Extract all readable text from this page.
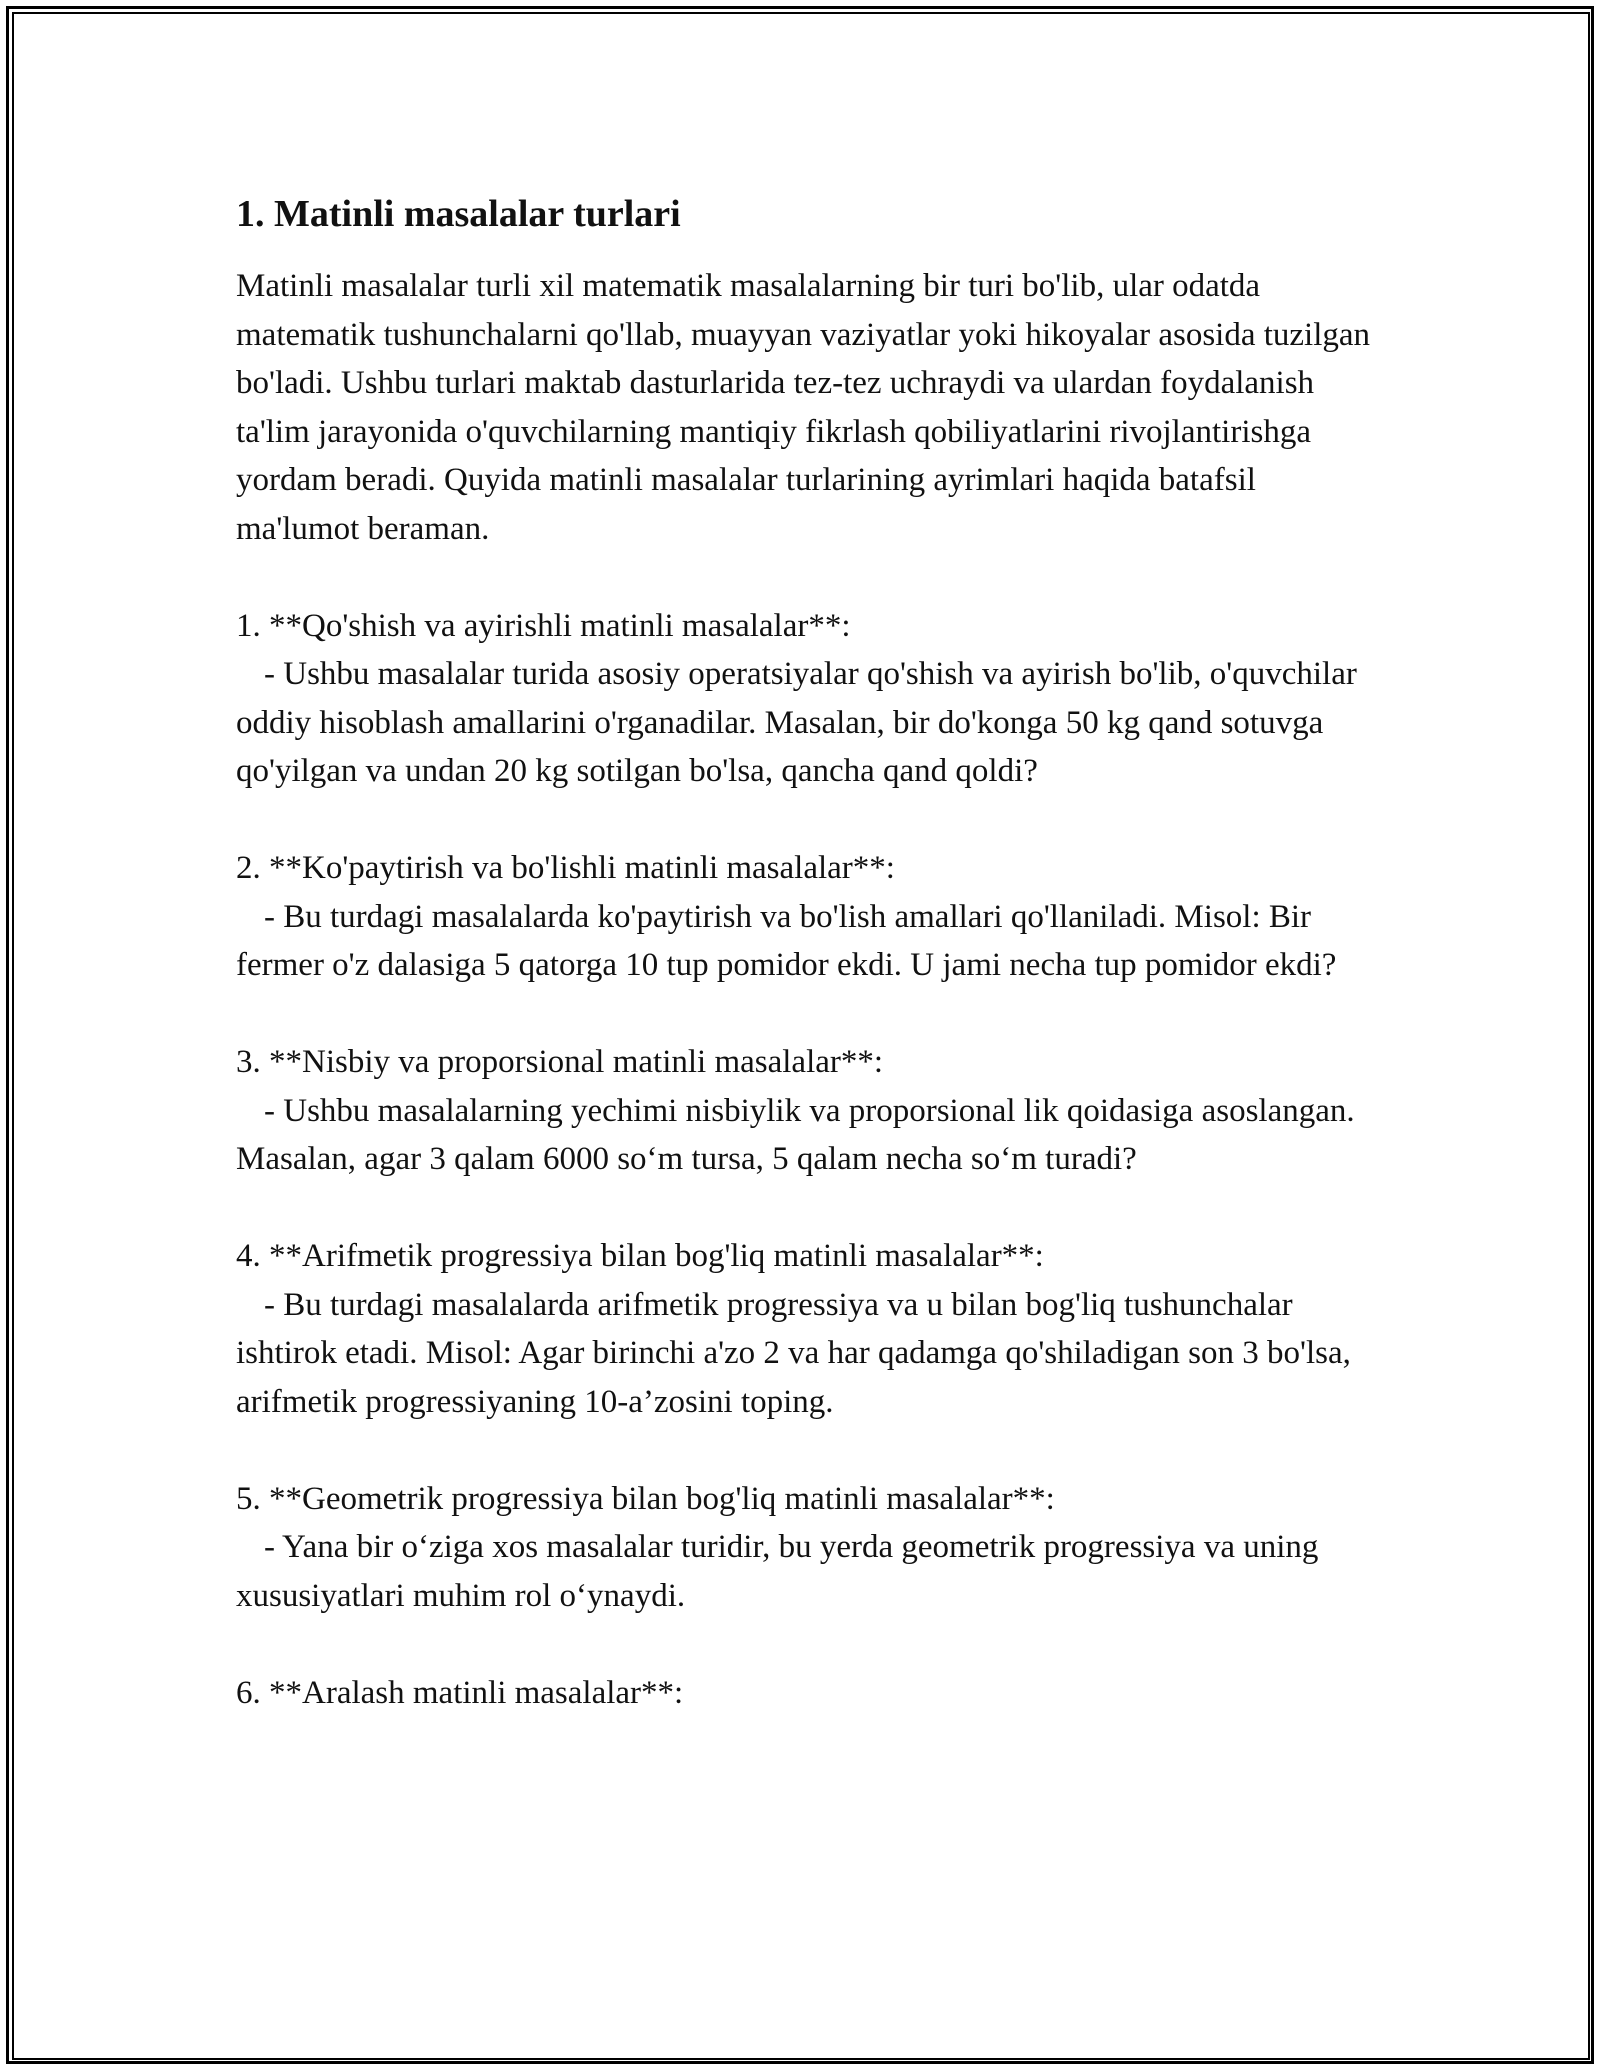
1. Matinli masalalar turlari

Matinli masalalar turli xil matematik masalalarning bir turi bo'lib, ular odatda matematik tushunchalarni qo'llab, muayyan vaziyatlar yoki hikoyalar asosida tuzilgan bo'ladi. Ushbu turlari maktab dasturlarida tez-tez uchraydi va ulardan foydalanish ta'lim jarayonida o'quvchilarning mantiqiy fikrlash qobiliyatlarini rivojlantirishga yordam beradi. Quyida matinli masalalar turlarining ayrimlari haqida batafsil ma'lumot beraman.

1. **Qo'shish va ayirishli matinli masalalar**:

- Ushbu masalalar turida asosiy operatsiyalar qo'shish va ayirish bo'lib, o'quvchilar oddiy hisoblash amallarini o'rganadilar. Masalan, bir do'konga 50 kg qand sotuvga qo'yilgan va undan 20 kg sotilgan bo'lsa, qancha qand qoldi?

2. **Ko'paytirish va bo'lishli matinli masalalar**:

- Bu turdagi masalalarda ko'paytirish va bo'lish amallari qo'llaniladi. Misol: Bir fermer o'z dalasiga 5 qatorga 10 tup pomidor ekdi. U jami necha tup pomidor ekdi?

3. **Nisbiy va proporsional matinli masalalar**:

- Ushbu masalalarning yechimi nisbiylik va proporsional lik qoidasiga asoslangan. Masalan, agar 3 qalam 6000 so‘m tursa, 5 qalam necha so‘m turadi?

4. **Arifmetik progressiya bilan bog'liq matinli masalalar**:

- Bu turdagi masalalarda arifmetik progressiya va u bilan bog'liq tushunchalar ishtirok etadi. Misol: Agar birinchi a'zo 2 va har qadamga qo'shiladigan son 3 bo'lsa, arifmetik progressiyaning 10-a’zosini toping.

5. **Geometrik progressiya bilan bog'liq matinli masalalar**:

- Yana bir o‘ziga xos masalalar turidir, bu yerda geometrik progressiya va uning xususiyatlari muhim rol o‘ynaydi.

6. **Aralash matinli masalalar**:
